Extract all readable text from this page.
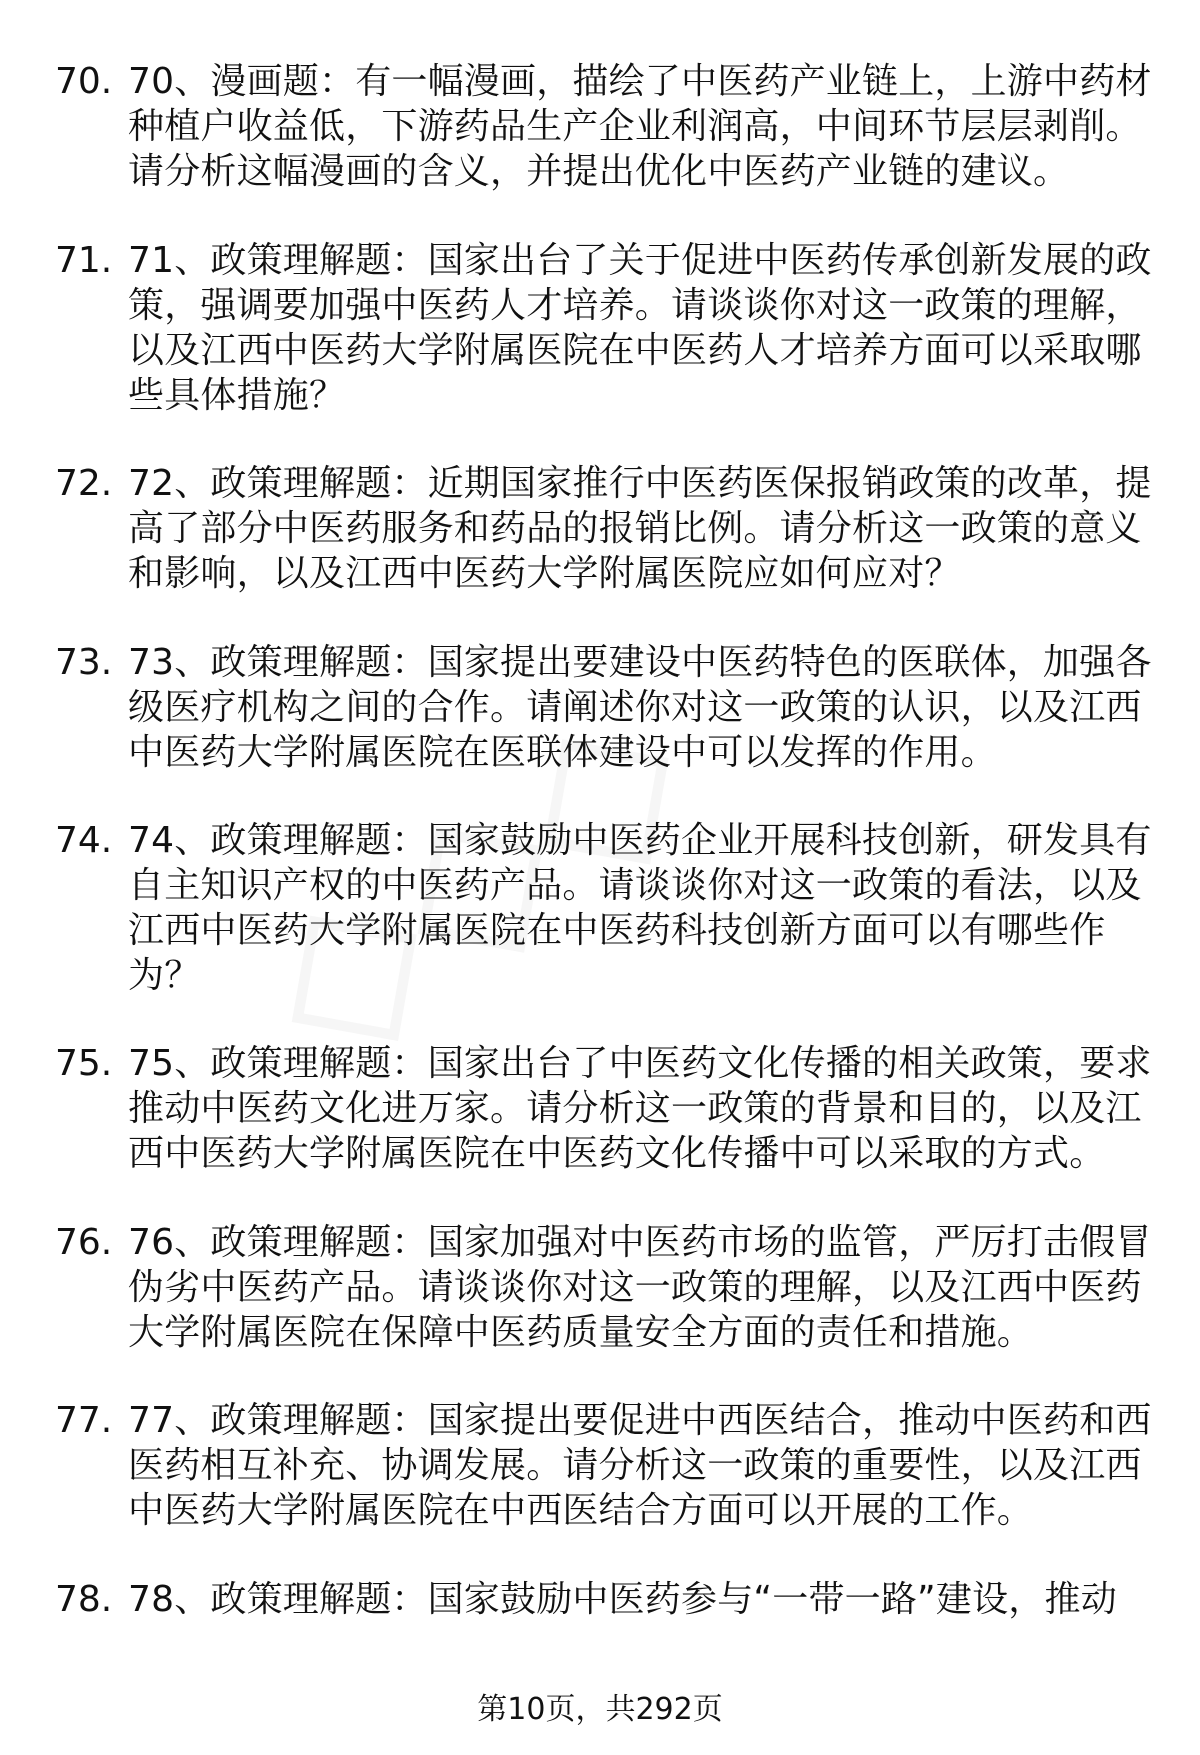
70. 70、漫画题：有一幅漫画，描绘了中医药产业链上，上游中药材
种植户收益低，下游药品生产企业利润高，中间环节层层剥削。
请分析这幅漫画的含义，并提出优化中医药产业链的建议。
71. 71、政策理解题：国家出台了关于促进中医药传承创新发展的政
策，强调要加强中医药人才培养。请谈谈你对这一政策的理解，
以及江西中医药大学附属医院在中医药人才培养方面可以采取哪
些具体措施？
72. 72、政策理解题：近期国家推行中医药医保报销政策的改革，提
高了部分中医药服务和药品的报销比例。请分析这一政策的意义
和影响，以及江西中医药大学附属医院应如何应对？
73. 73、政策理解题：国家提出要建设中医药特色的医联体，加强各
级医疗机构之间的合作。请阐述你对这一政策的认识，以及江西
中医药大学附属医院在医联体建设中可以发挥的作用。
74. 74、政策理解题：国家鼓励中医药企业开展科技创新，研发具有
自主知识产权的中医药产品。请谈谈你对这一政策的看法，以及
江西中医药大学附属医院在中医药科技创新方面可以有哪些作
为？
75. 75、政策理解题：国家出台了中医药文化传播的相关政策，要求
推动中医药文化进万家。请分析这一政策的背景和目的，以及江
西中医药大学附属医院在中医药文化传播中可以采取的方式。
76. 76、政策理解题：国家加强对中医药市场的监管，严厉打击假冒
伪劣中医药产品。请谈谈你对这一政策的理解，以及江西中医药
大学附属医院在保障中医药质量安全方面的责任和措施。
77. 77、政策理解题：国家提出要促进中西医结合，推动中医药和西
医药相互补充、协调发展。请分析这一政策的重要性，以及江西
中医药大学附属医院在中西医结合方面可以开展的工作。
78. 78、政策理解题：国家鼓励中医药参与“一带一路”建设，推动
第10页，共292页
